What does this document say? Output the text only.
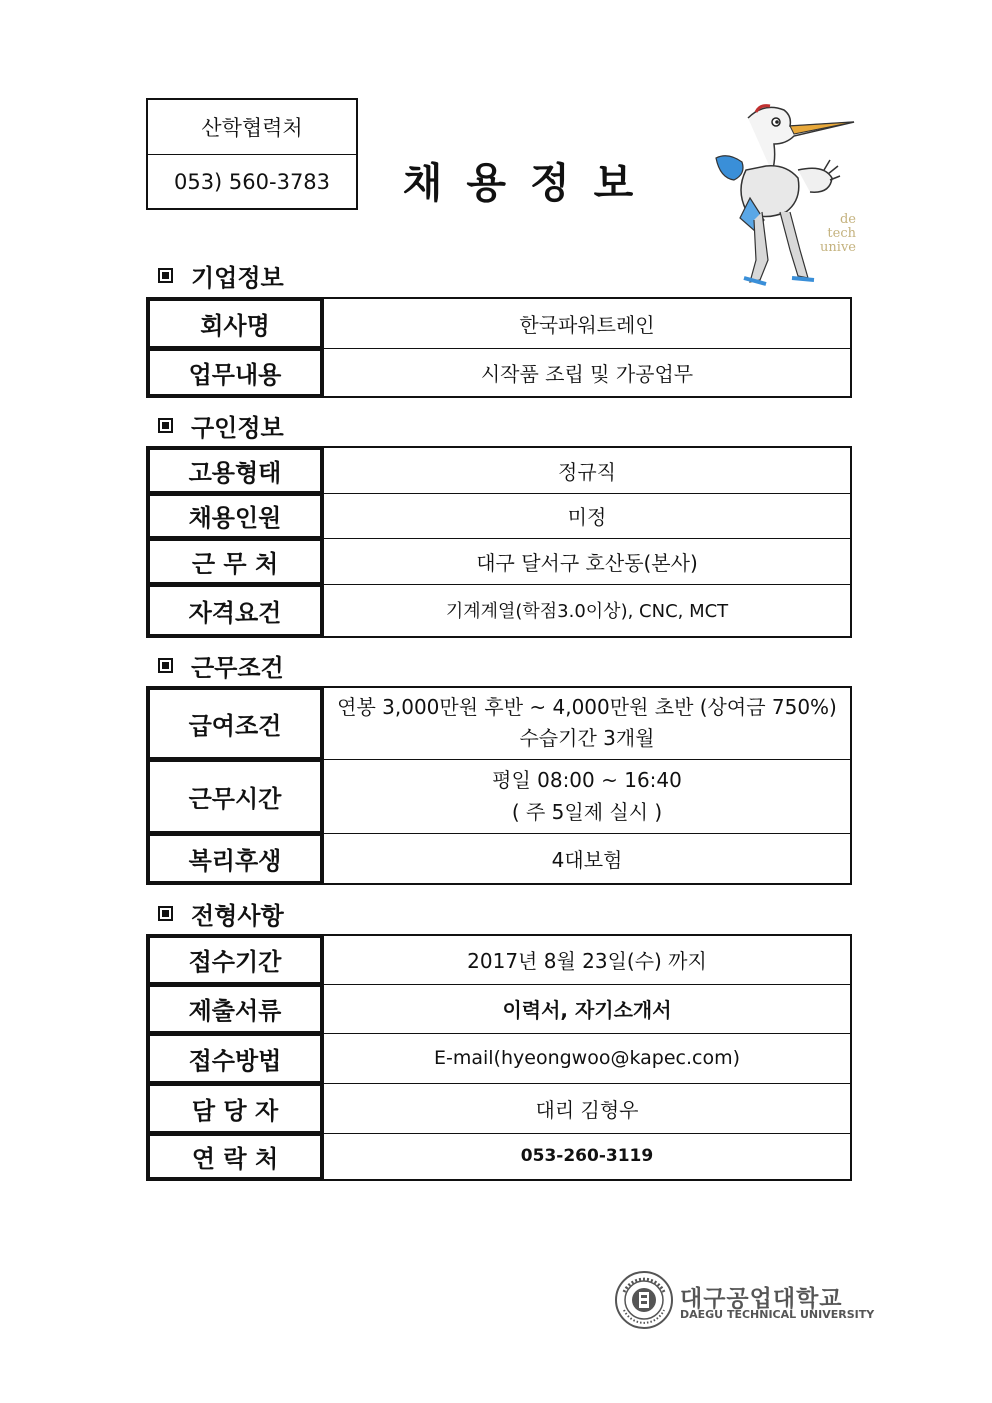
산학협력처
053) 560-3783	채용정보
de
tech
unive
기업정보
회사명	한국파워트레인
업무내용	시작품 조립 및 가공업무
구인정보
고용형태	정규직
채용인원	미정
근 무 처	대구 달서구 호산동(본사)
자격요건	기계계열(학점3.0이상), CNC, MCT
근무조건
급여조건	연봉 3,000만원 후반 ~ 4,000만원 초반 (상여금 750%)
수습기간 3개월

근무시간	평일 08:00 ~ 16:40
( 주 5일제 실시 )

복리후생	4대보험
전형사항
접수기간	2017년 8월 23일(수) 까지
제출서류	이력서, 자기소개서
접수방법	E-mail(hyeongwoo@kapec.com)
담 당 자	대리 김형우
연 락 처	053-260-3119
대구공업대학교
DAEGU TECHNICAL UNIVERSITY
